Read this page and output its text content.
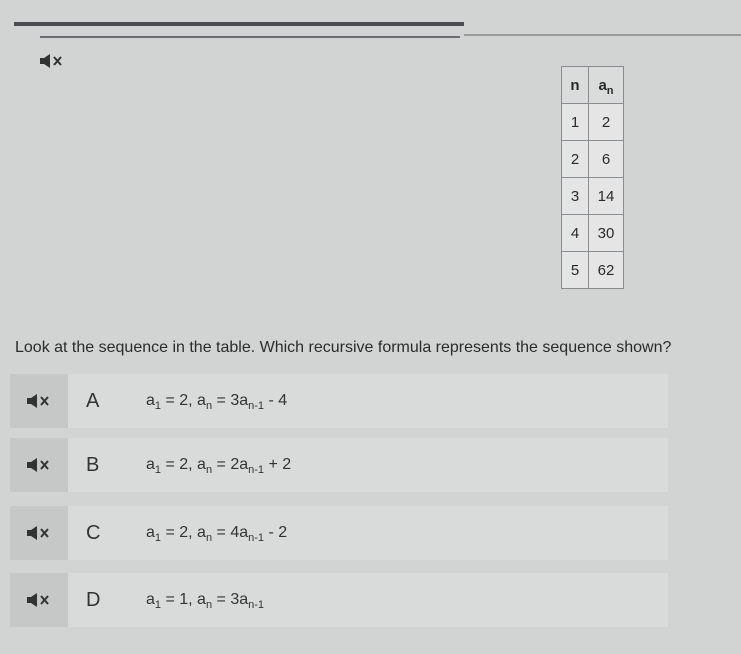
n	$a_n$
1	2
2	6
3	14
4	30
5	62
Look at the sequence in the table. Which recursive formula represents the sequence shown?
A	$a_1 = 2$, $a_n = 3a_{n-1} - 4$
B	$a_1 = 2$, $a_n = 2a_{n-1} + 2$
C	$a_1 = 2$, $a_n = 4a_{n-1} - 2$
D	$a_1 = 1$, $a_n = 3a_{n-1}$
